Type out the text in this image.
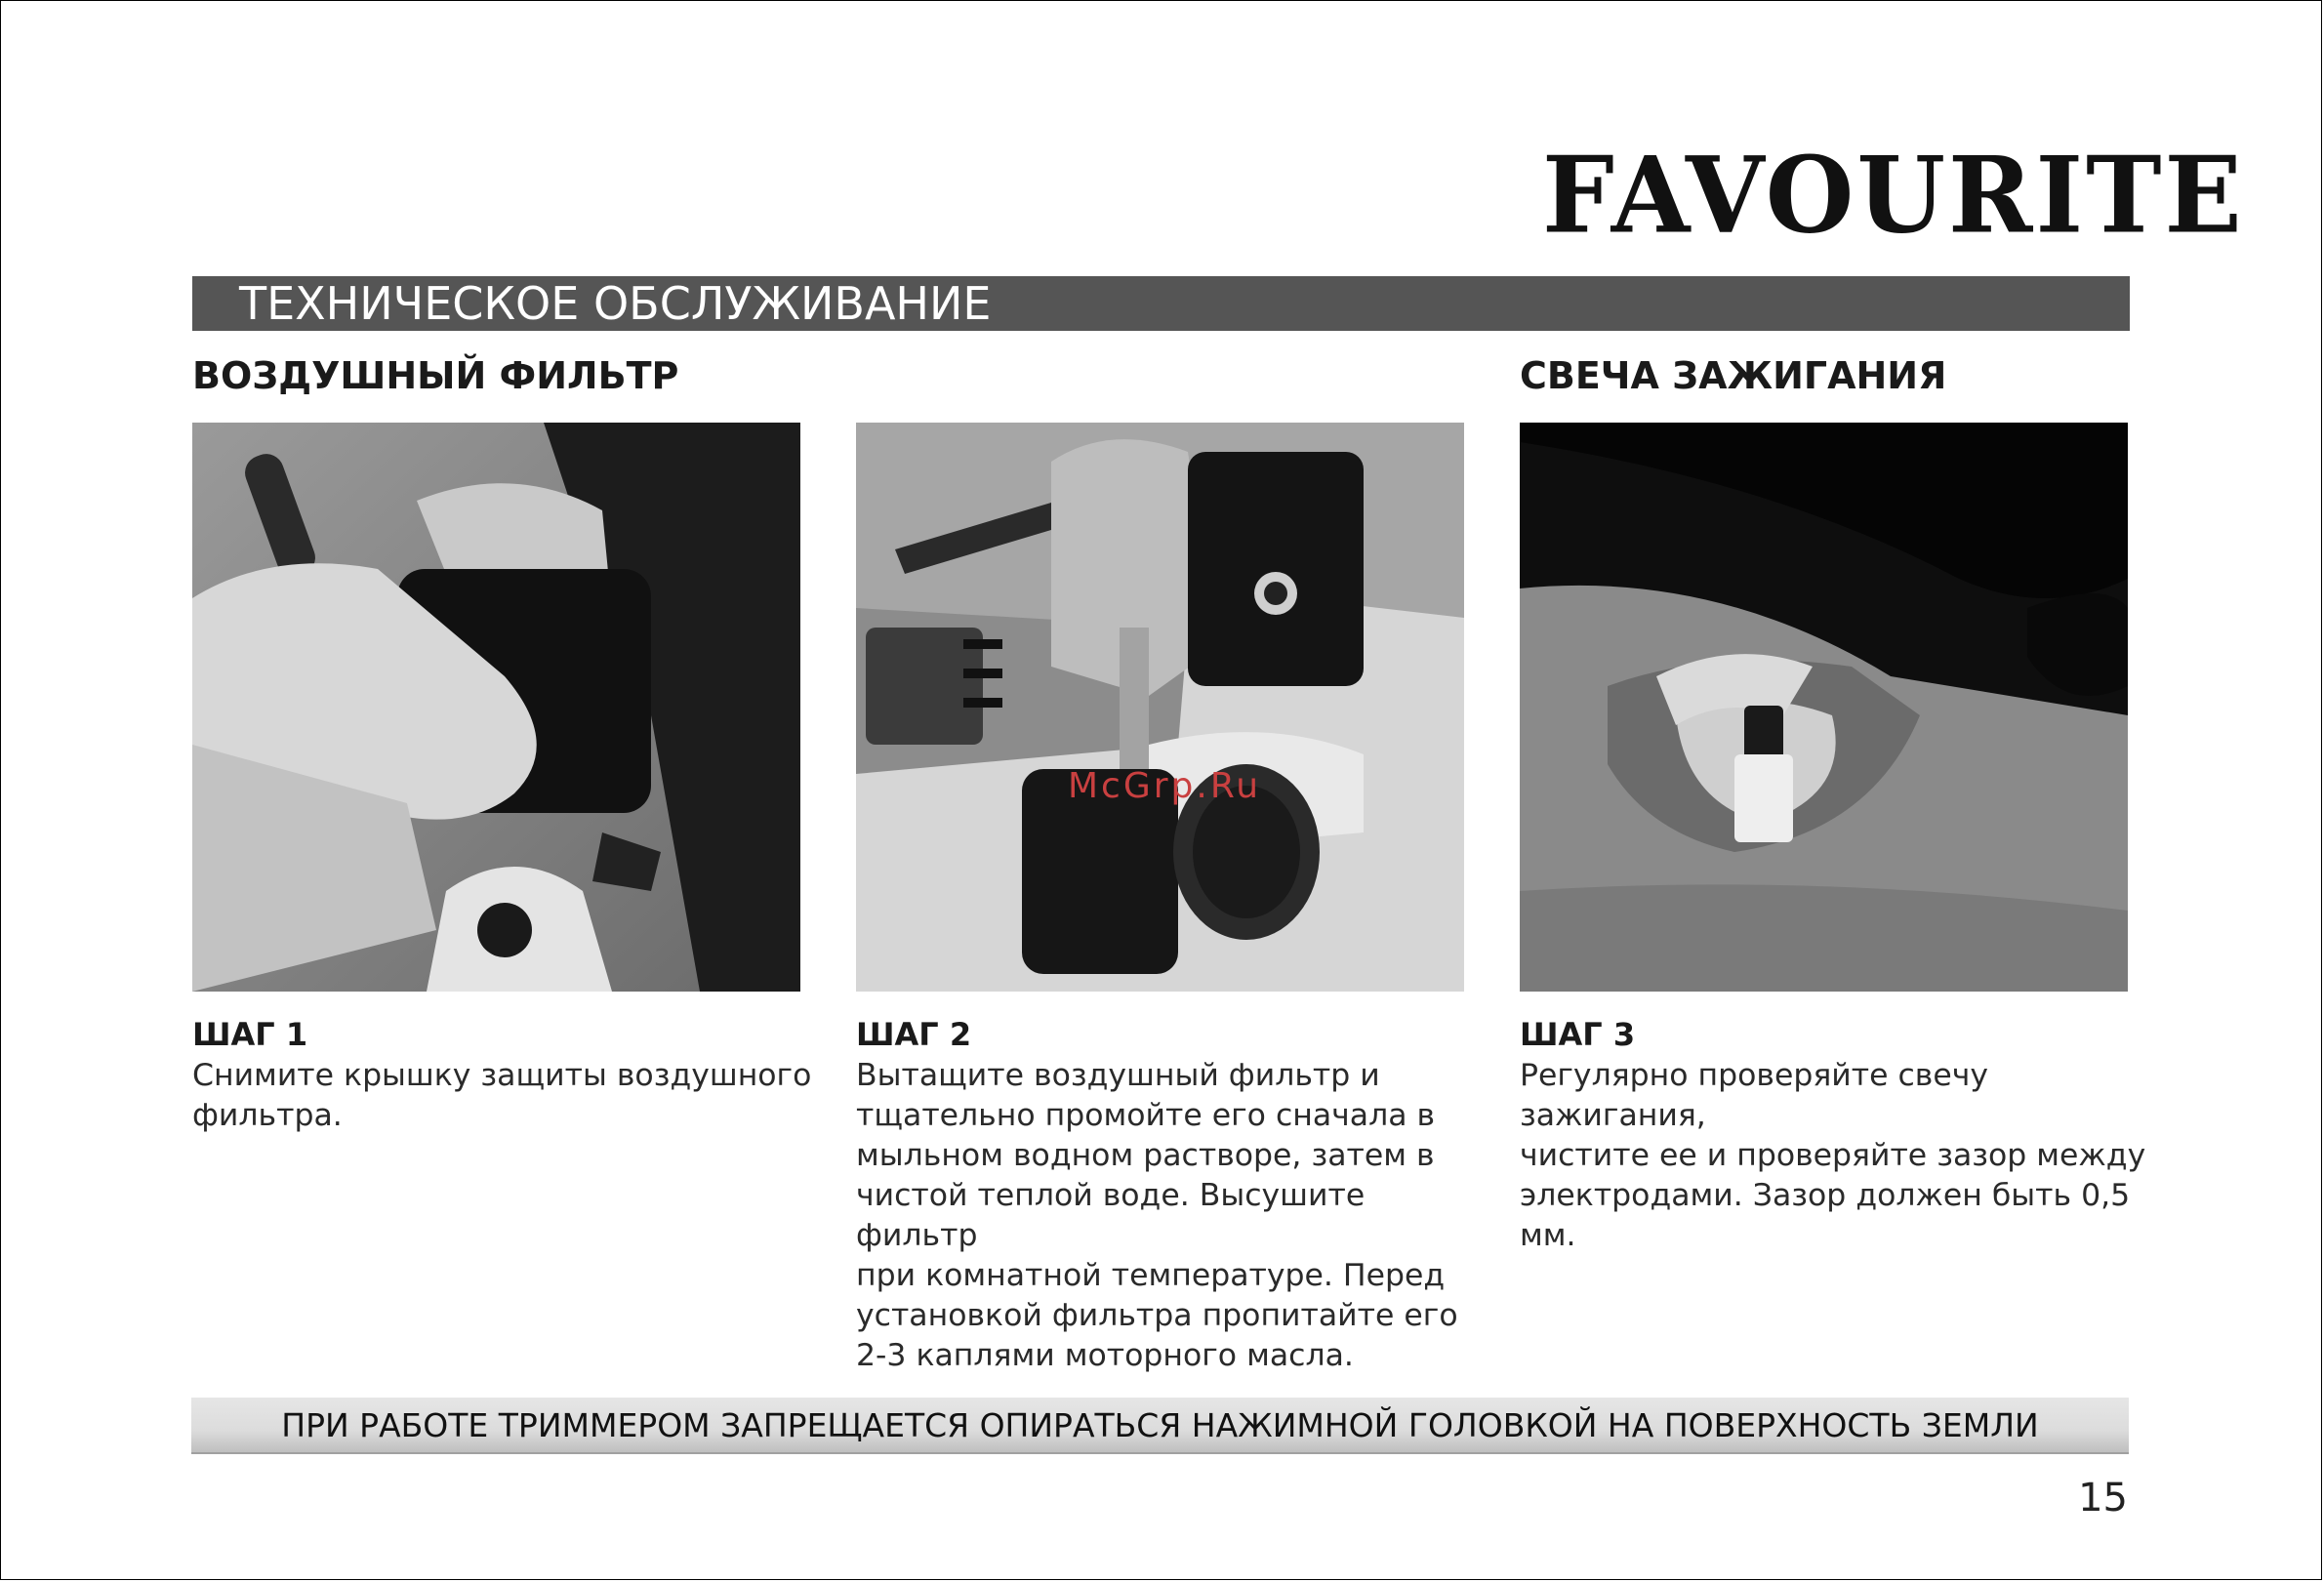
FAVOURITE
ТЕХНИЧЕСКОЕ ОБСЛУЖИВАНИЕ
ВОЗДУШНЫЙ ФИЛЬТР	СВЕЧА ЗАЖИГАНИЯ
McGrp.Ru
ШАГ 1
Снимите крышку защиты воздушного
фильтра.
ШАГ 2
Вытащите воздушный фильтр и
тщательно промойте его сначала в
мыльном водном растворе, затем в
чистой теплой воде. Высушите фильтр
при комнатной температуре. Перед
установкой фильтра пропитайте его
2-3 каплями моторного масла.
ШАГ 3
Регулярно проверяйте свечу зажигания,
чистите ее и проверяйте зазор между
электродами. Зазор должен быть 0,5 мм.
ПРИ РАБОТЕ ТРИММЕРОМ ЗАПРЕЩАЕТСЯ ОПИРАТЬСЯ НАЖИМНОЙ ГОЛОВКОЙ НА ПОВЕРХНОСТЬ ЗЕМЛИ
15
